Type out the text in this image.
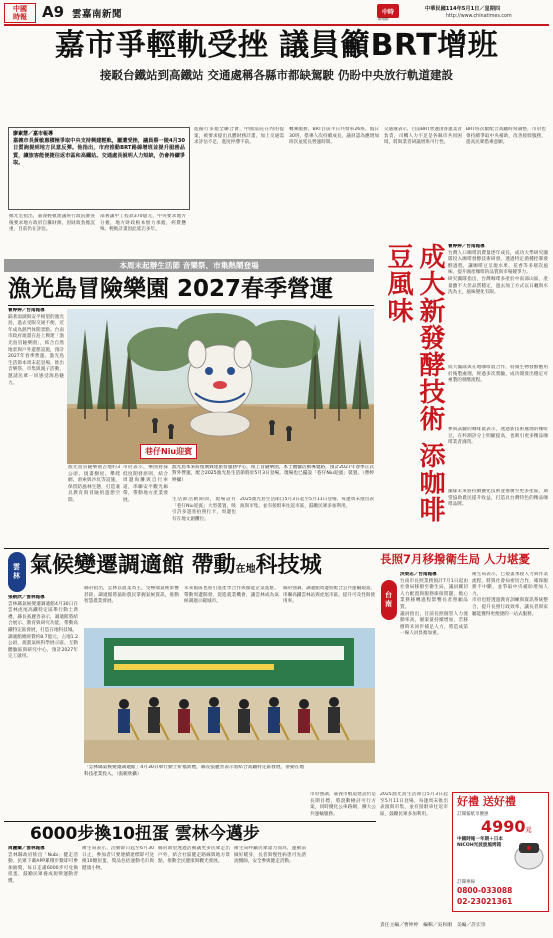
中國時報 A9 雲嘉南新聞	中時
新聞網
中華民國114年5月1日／星期四
http://www.chinatimes.com
嘉市爭輕軌受挫 議員籲BRT增班
接駁台鐵站到高鐵站 交通處稱各縣市都缺駕駛 仍盼中央放行軌道建設
廖素慧／嘉市報導
嘉義市長黃敏惠積極爭取中央支持興建輕軌，屢遭受挫，議員蔡一陵4月30日質詢提到地方民意反彈。他指出，市府推動BRT路線增班並提升服務品質，讓旅客能便捷往返市區和高鐵站。交通處長說明人力短缺，仍會持續爭取。
鄭光宏指出，嘉義輕軌建議經行政院審查後要求地方政府自籌財源，因財政負擔沉重，目前仍在評估。
部署讓中工程款370億元，中央要求地方分擔，地方財政根本無力承擔，經費懸殊，輕軌計畫因此延宕多年。
進擬行多規全聯合會，中國法院在內的提案，被要求提出具體財務計畫，加上交通需求評估不足，進度停滯不前。
轉乘服務，BRT目前平日共發車26班、假日30班，搭乘人次持續成長，議員認為應增加班次並延長營運時間。
交通處表示，目前BRT營運由客運業者負責，司機人力不足是各縣市共同困境，將與業者研議增班可行性。
BRT班次數配合高鐵時刻調整，市府也會持續爭取中央補助，改善接駁服務，提高民眾搭乘意願。
本周末起辦生活節 音樂祭、市集熱鬧登場
漁光島冒險樂園 2027春季營運
曹婷婷／台南報導
隔著潟湖與安平相望的漁光島，過去受限交通不便，近年成為熱門休閒景點。台南市政府規畫在島上興建「漁光島冒險樂園」，結合自然地景與戶外遊憩設施，預計2027年春季營運。漁光島生活節本周末起登場，推出音樂祭、市集與親子活動，邀請民眾一同感受海島魅力。
巷仔Niu迎賓
漁光島本來將推廣興建旅客服務中心，推上冒險樂園，本土體驗活動導覽路，預計2027年春季正式對外營運，配合2025漁光島生活節將於5月3日登場，現場也已擺設「巷仔Niu迎賓」裝置。（曹婷婷攝）
漁光島冒險樂園占地約3公頃，規畫樹屋、攀爬網、滑索與沙坑等設施，保留防風林生態，打造兼具教育與冒險的遊憩空間。
市府表示，樂園將採低度開發原則，結合周邊海灘與自行車道，串聯安平觀光廊帶，帶動地方產業發展。	生活節活動期間，現場設有「巷仔Niu迎賓」大型裝置，吸引許多遊客拍照打卡，周邊也有在地文創攤位。
2025漁光島生活節自5月3日起至5月11日登場，每逢周末推出表演與市集，並有接駁車往返市區，鼓勵民眾多加利用。	成大新發酵技術 添咖啡豆風味	曹婷婷／台南報導
台灣人口咖啡消費量逐年成長，成功大學研究團隊投入咖啡發酵技術研發，透過特定菌種控制發酵過程，讓咖啡豆呈現水果、花香等多層次風味，提升國產咖啡的品質與市場競爭力。
研究團隊指出，台灣咖啡多產於中南部山區，產量雖不大但品質穩定，過去加工方式以日曬與水洗為主，風味變化有限。
成大團隊與在地咖啡農合作，將微生物發酵應用於後製處理，經過多次實驗，成功開發出穩定可複製的發酵流程。
參與試驗的咖啡農表示，透過新技術處理的咖啡豆，在杯測評分上明顯提高，也吸引更多精品咖啡業者詢問。
團隊未來將持續優化技術並推廣至更多產區，期望協助農民提升收益，打造具台灣特色的精品咖啡品牌。
長照7月移撥衛生局 人力堪憂
台南
洪榮志／台南報導
台南市長照業務預計7月1日起由社會局移撥至衛生局，議員關切人力配置與服務銜接問題，擔心業務移轉過程影響長者照顧品質。
議員指出，目前長照個管人力流動率高，個案量持續增加，若移撥時未同步補足人力，將造成第一線人員負擔加重。
衛生局表示，已規畫承接人力與作業流程，將與社會局密切合作，確保服務不中斷，並爭取中央補助增加人力。
市府也將透過教育訓練與資訊系統整合，提升長照行政效率，讓長者與家屬能獲得更便捷的一站式服務。
好禮 送好禮
訂閱報紙享優惠
4990元
中國時報一年期＋日本NICOH光波旋風烤箱
訂閱專線
0800-033088
02-23021361
雲林 氣候變遷調適館 帶動在地科技城
張朝欣／雲林報導
雲林縣氣候變遷調適館4月30日在雲林虎尾高鐵特定區舉行動土典禮，縣長張麗善表示，調適館將結合展示、教育與研究功能，帶動高鐵特定區發展，打造在地科技城。
調適館總經費約8.7億元，占地1.2公頃，規畫氣候科學展示區、互動體驗區與研究中心，預計2027年完工啟用。
縣府指出，雲林以農業為主，受極端氣候影響甚鉅，調適館將協助農民掌握氣候資訊，推動智慧農業發展。
未來館區也將引進產學合作與綠能企業進駐，帶動周邊開發，促進就業機會，讓雲林成為氣候調適示範城市。
縣府強調，調適館周邊將配合公共運輸規畫，串聯高鐵雲林站與虎尾市區，提升可及性與使用率。
「雲林縣氣候變遷調適館」4月30日舉行動土祈福典禮，縣長張麗善表示將結合高鐵特定區發展，帶動在地科技產業投入。（張朝欣攝）
6000步換10扭蛋 雲林今邁步
周麗蘭／雲林報導
雲林縣政府推出「Nubi」健走活動，民眾下載APP累積步數即可參加抽獎，每日走滿6000步可兌換扭蛋，鼓勵民眾養成規律運動習慣。
衛生局表示，活動即日起至6月30日止，參加者只要連續達標即可兌換10顆扭蛋，獎品包括運動毛巾與健康小物。
縣府期望透過活動讓更多民眾走出戶外，結合社區健走路線與地方景點，推動全民健康與觀光發展。
衛生局呼籲民眾量力而為，運動前做好暖身，長者與慢性病患可先諮詢醫師，安全參與健走活動。
市府強調，嘉義市軌道建設仍是長期目標，將滾動檢討可行方案，同時優化公車路網，擴大公共運輸服務。
2025漁光島生活節自5月3日起至5月11日登場，每逢周末推出表演與市集，並有接駁車往返市區，鼓勵民眾多加利用。
責任主編／曹婷婷　 編輯／吳和順　 美編／許宏崇
